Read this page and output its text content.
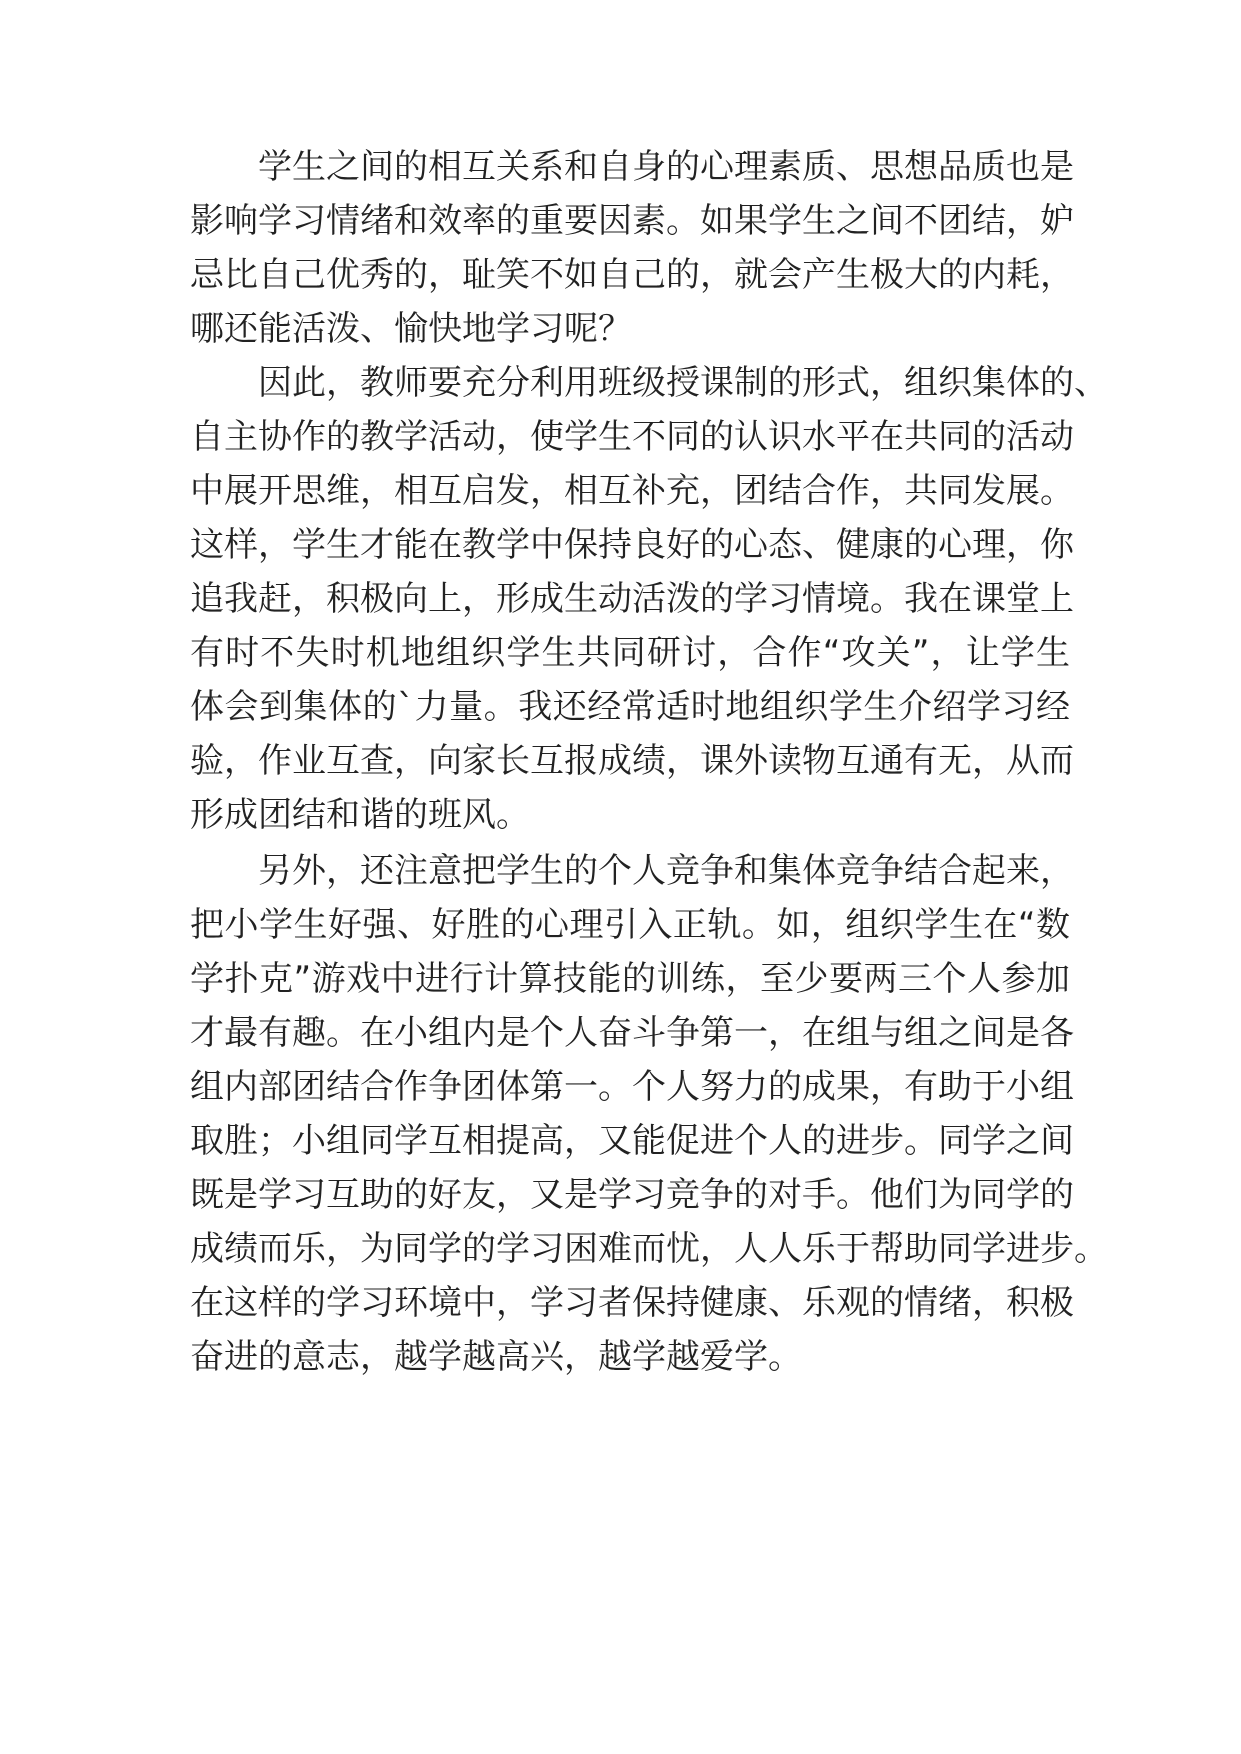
学生之间的相互关系和自身的心理素质、思想品质也是
影响学习情绪和效率的重要因素。如果学生之间不团结，妒
忌比自己优秀的，耻笑不如自己的，就会产生极大的内耗，
哪还能活泼、愉快地学习呢？
因此，教师要充分利用班级授课制的形式，组织集体的、
自主协作的教学活动，使学生不同的认识水平在共同的活动
中展开思维，相互启发，相互补充，团结合作，共同发展。
这样，学生才能在教学中保持良好的心态、健康的心理，你
追我赶，积极向上，形成生动活泼的学习情境。我在课堂上
有时不失时机地组织学生共同研讨，合作“攻关”，让学生
体会到集体的`力量。我还经常适时地组织学生介绍学习经
验，作业互查，向家长互报成绩，课外读物互通有无，从而
形成团结和谐的班风。
另外，还注意把学生的个人竞争和集体竞争结合起来，
把小学生好强、好胜的心理引入正轨。如，组织学生在“数
学扑克”游戏中进行计算技能的训练，至少要两三个人参加
才最有趣。在小组内是个人奋斗争第一，在组与组之间是各
组内部团结合作争团体第一。个人努力的成果，有助于小组
取胜；小组同学互相提高，又能促进个人的进步。同学之间
既是学习互助的好友，又是学习竞争的对手。他们为同学的
成绩而乐，为同学的学习困难而忧，人人乐于帮助同学进步。
在这样的学习环境中，学习者保持健康、乐观的情绪，积极
奋进的意志，越学越高兴，越学越爱学。
